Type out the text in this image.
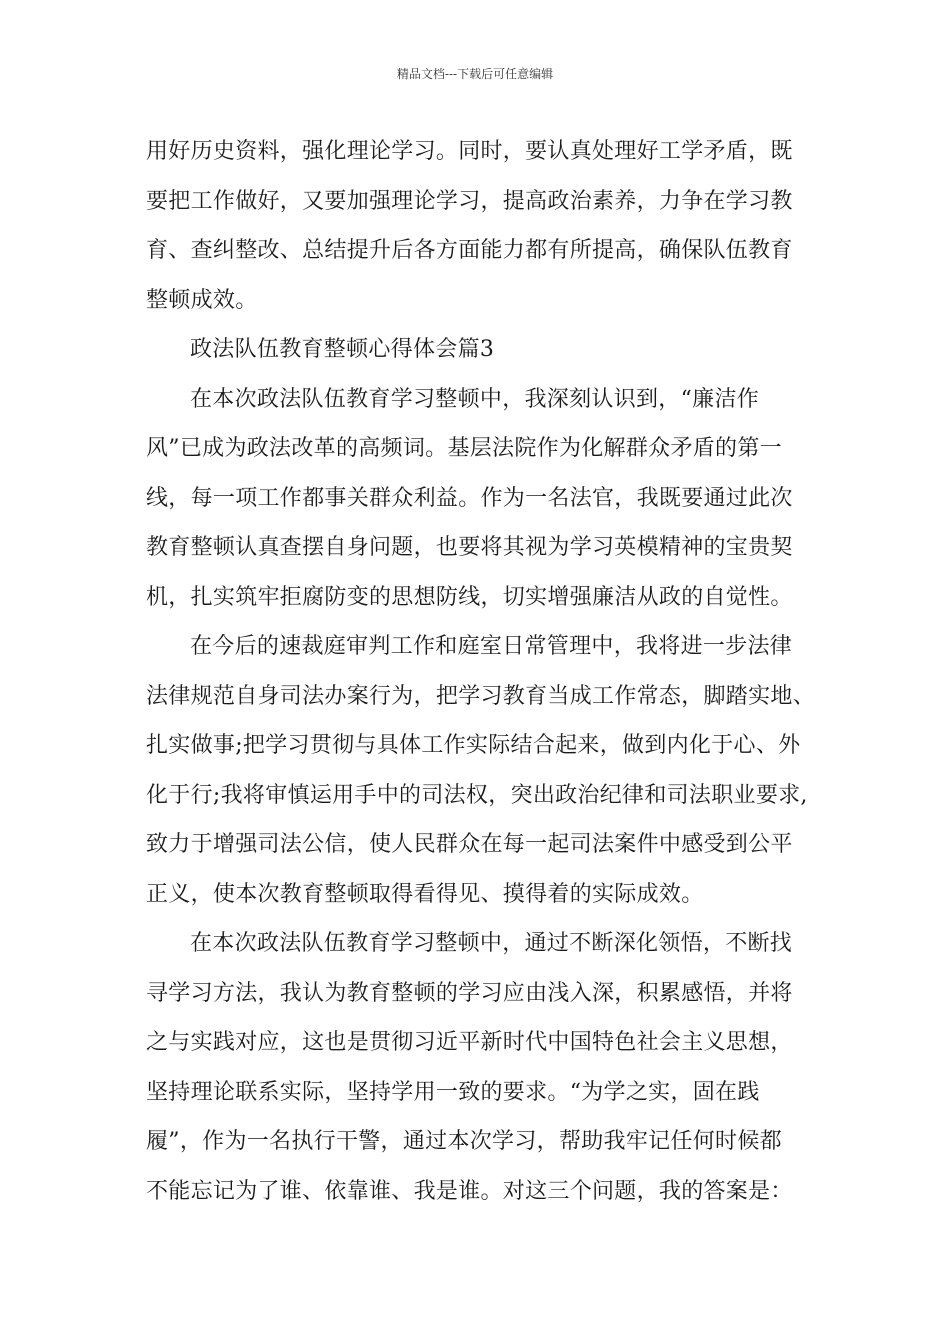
精品文档---下载后可任意编辑
用好历史资料，强化理论学习。同时，要认真处理好工学矛盾，既
要把工作做好，又要加强理论学习，提高政治素养，力争在学习教
育、查纠整改、总结提升后各方面能力都有所提高，确保队伍教育
整顿成效。
政法队伍教育整顿心得体会篇3
在本次政法队伍教育学习整顿中，我深刻认识到，“廉洁作
风”已成为政法改革的高频词。基层法院作为化解群众矛盾的第一
线，每一项工作都事关群众利益。作为一名法官，我既要通过此次
教育整顿认真查摆自身问题，也要将其视为学习英模精神的宝贵契
机，扎实筑牢拒腐防变的思想防线，切实增强廉洁从政的自觉性。
在今后的速裁庭审判工作和庭室日常管理中，我将进一步法律
法律规范自身司法办案行为，把学习教育当成工作常态，脚踏实地、
扎实做事;把学习贯彻与具体工作实际结合起来，做到内化于心、外
化于行;我将审慎运用手中的司法权，突出政治纪律和司法职业要求,
致力于增强司法公信，使人民群众在每一起司法案件中感受到公平
正义，使本次教育整顿取得看得见、摸得着的实际成效。
在本次政法队伍教育学习整顿中，通过不断深化领悟，不断找
寻学习方法，我认为教育整顿的学习应由浅入深，积累感悟，并将
之与实践对应，这也是贯彻习近平新时代中国特色社会主义思想，
坚持理论联系实际，坚持学用一致的要求。“为学之实，固在践
履”，作为一名执行干警，通过本次学习，帮助我牢记任何时候都
不能忘记为了谁、依靠谁、我是谁。对这三个问题，我的答案是：
